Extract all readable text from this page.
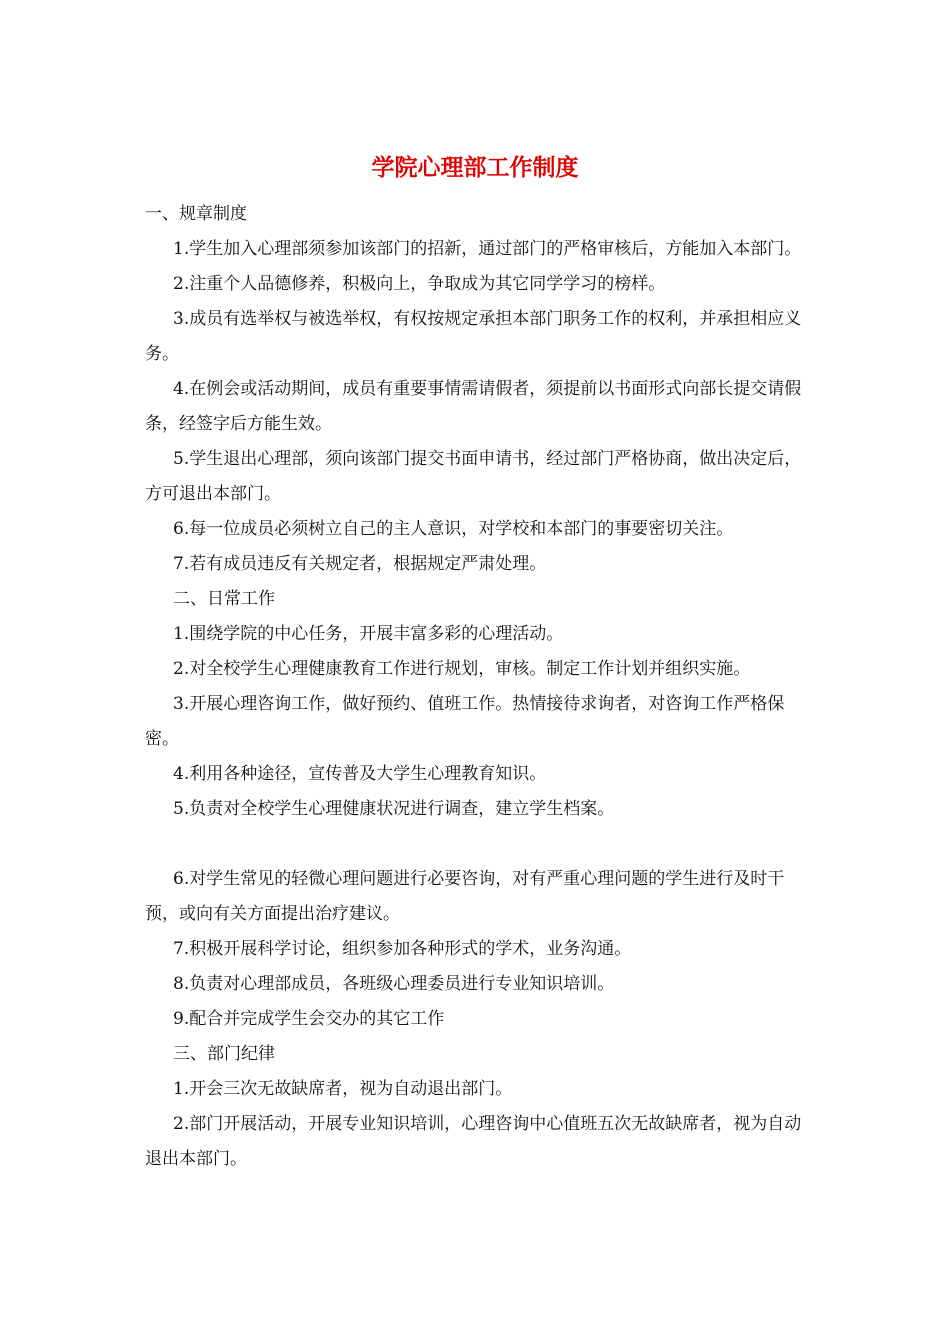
学院心理部工作制度

一、规章制度

1.学生加入心理部须参加该部门的招新，通过部门的严格审核后，方能加入本部门。

2.注重个人品德修养，积极向上，争取成为其它同学学习的榜样。

3.成员有选举权与被选举权，有权按规定承担本部门职务工作的权利，并承担相应义务。

4.在例会或活动期间，成员有重要事情需请假者，须提前以书面形式向部长提交请假条，经签字后方能生效。

5.学生退出心理部，须向该部门提交书面申请书，经过部门严格协商，做出决定后，方可退出本部门。

6.每一位成员必须树立自己的主人意识，对学校和本部门的事要密切关注。

7.若有成员违反有关规定者，根据规定严肃处理。

二、日常工作

1.围绕学院的中心任务，开展丰富多彩的心理活动。

2.对全校学生心理健康教育工作进行规划，审核。制定工作计划并组织实施。

3.开展心理咨询工作，做好预约、值班工作。热情接待求询者，对咨询工作严格保密。

4.利用各种途径，宣传普及大学生心理教育知识。

5.负责对全校学生心理健康状况进行调查，建立学生档案。

6.对学生常见的轻微心理问题进行必要咨询，对有严重心理问题的学生进行及时干预，或向有关方面提出治疗建议。

7.积极开展科学讨论，组织参加各种形式的学术，业务沟通。

8.负责对心理部成员，各班级心理委员进行专业知识培训。

9.配合并完成学生会交办的其它工作

三、部门纪律

1.开会三次无故缺席者，视为自动退出部门。

2.部门开展活动，开展专业知识培训，心理咨询中心值班五次无故缺席者，视为自动退出本部门。
